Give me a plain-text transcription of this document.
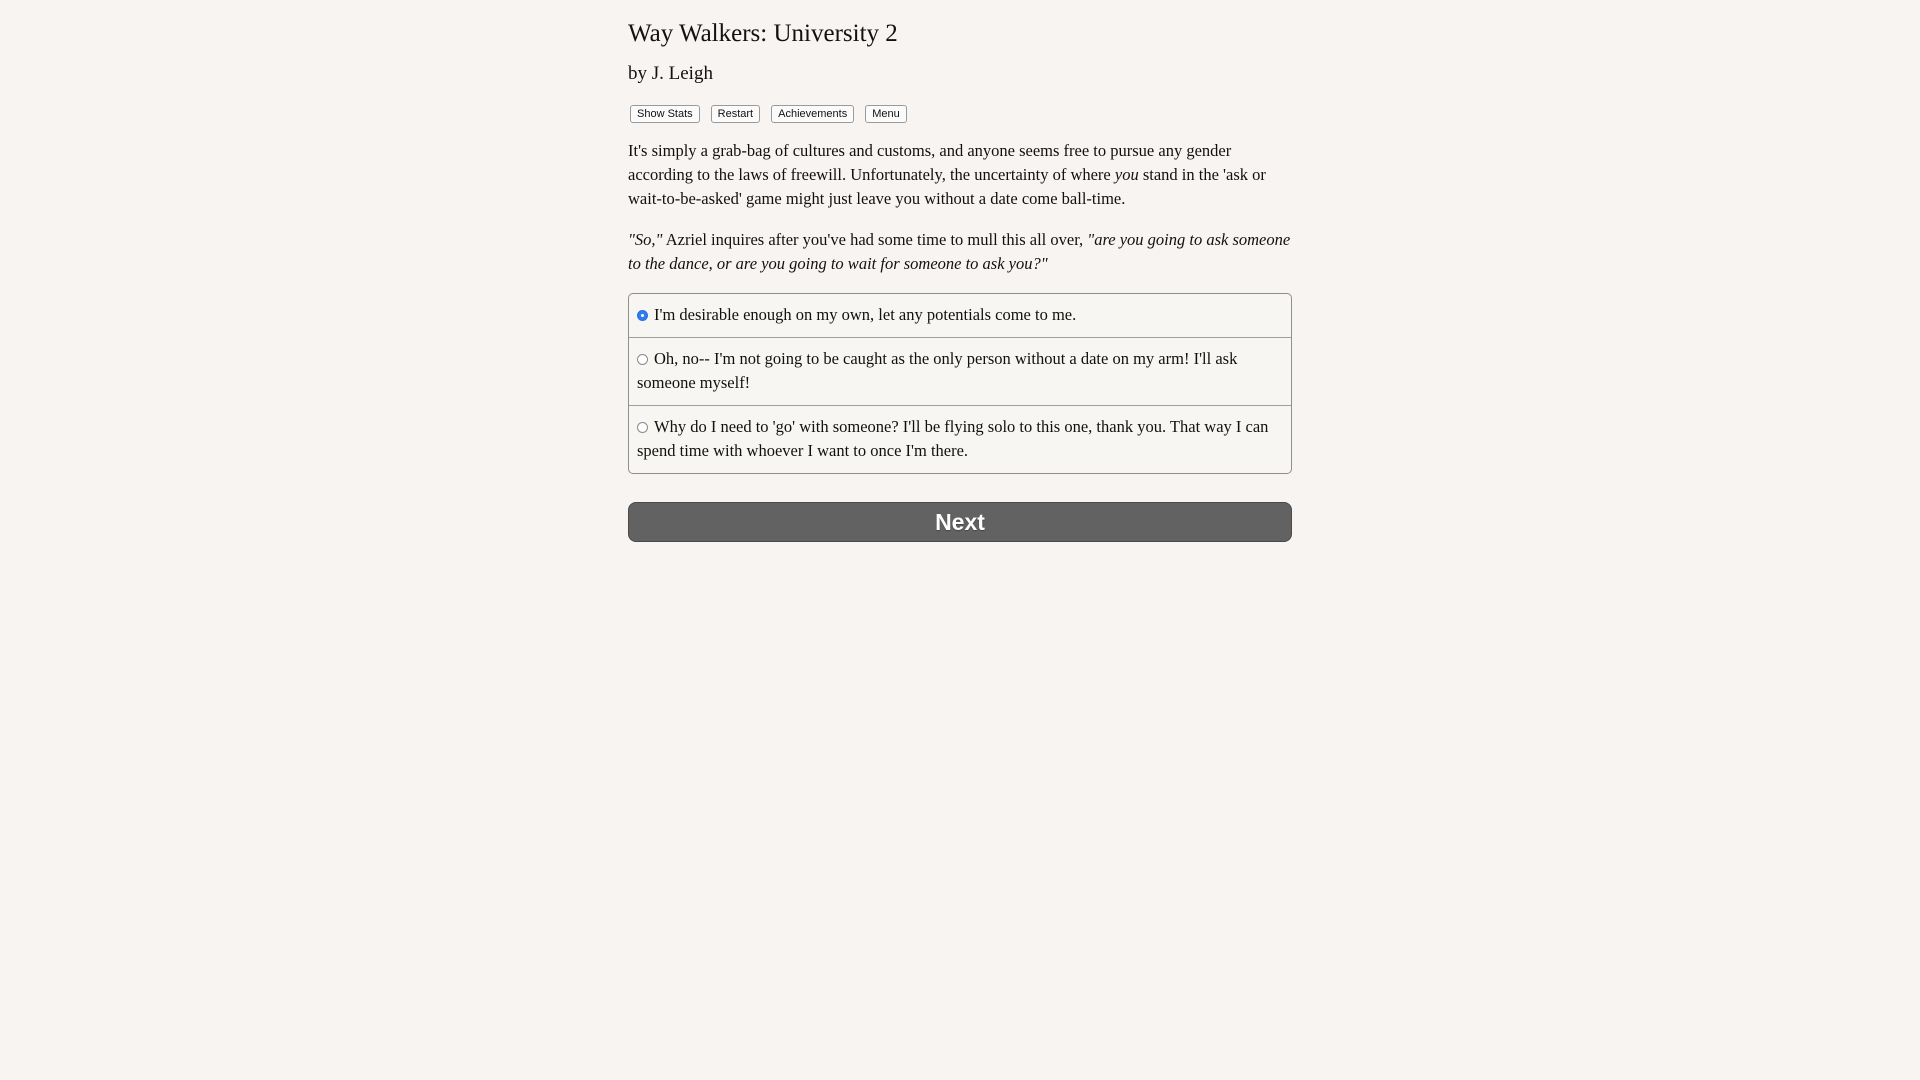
Way Walkers: University 2
by J. Leigh
Show Stats	Restart	Achievements	Menu

It's simply a grab-bag of cultures and customs, and anyone seems free to pursue any gender according to the laws of freewill. Unfortunately, the uncertainty of where you stand in the 'ask or wait-to-be-asked' game might just leave you without a date come ball-time.

"So," Azriel inquires after you've had some time to mull this all over, "are you going to ask someone to the dance, or are you going to wait for someone to ask you?"

I'm desirable enough on my own, let any potentials come to me.
Oh, no-- I'm not going to be caught as the only person without a date on my arm! I'll ask someone myself!
Why do I need to 'go' with someone? I'll be flying solo to this one, thank you. That way I can spend time with whoever I want to once I'm there.
Next
